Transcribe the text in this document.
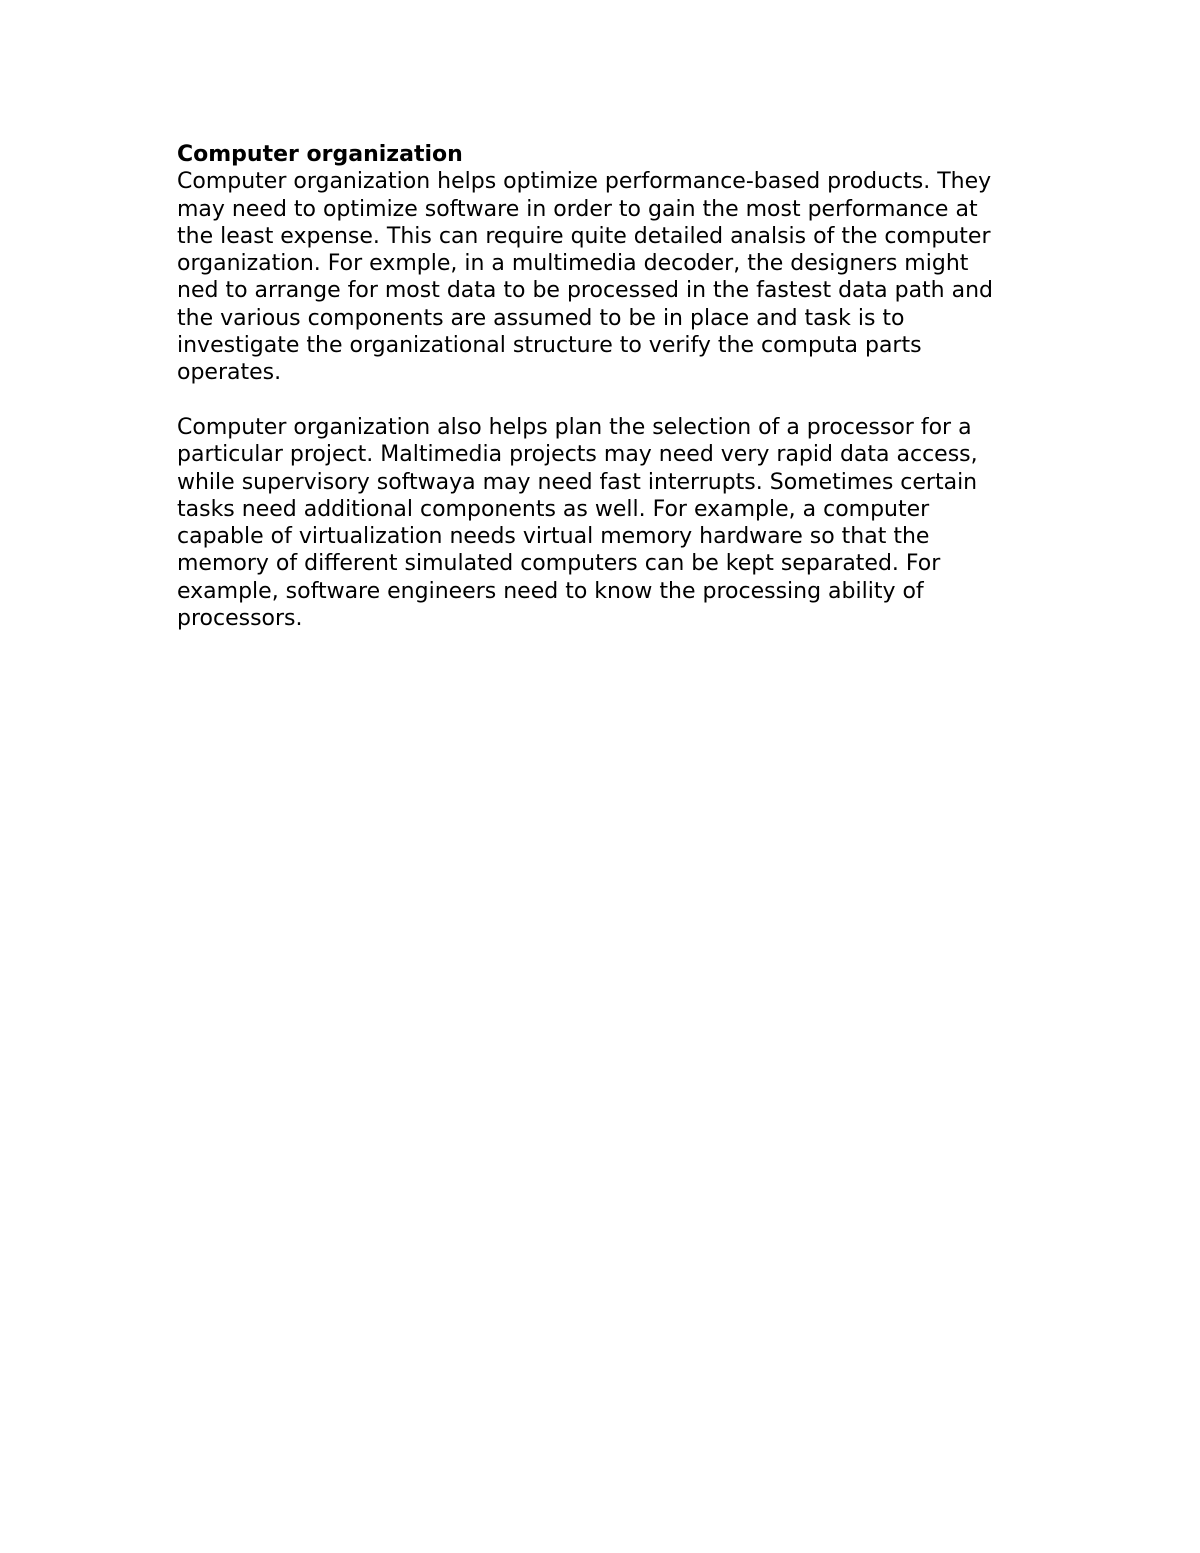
Computer organization
Computer organization helps optimize performance-based products. They
may need to optimize software in order to gain the most performance at
the least expense. This can require quite detailed analsis of the computer
organization. For exmple, in a multimedia decoder, the designers might
ned to arrange for most data to be processed in the fastest data path and
the various components are assumed to be in place and task is to
investigate the organizational structure to verify the computa parts
operates.
Computer organization also helps plan the selection of a processor for a
particular project. Maltimedia projects may need very rapid data access,
while supervisory softwaya may need fast interrupts. Sometimes certain
tasks need additional components as well. For example, a computer
capable of virtualization needs virtual memory hardware so that the
memory of different simulated computers can be kept separated. For
example, software engineers need to know the processing ability of
processors.
